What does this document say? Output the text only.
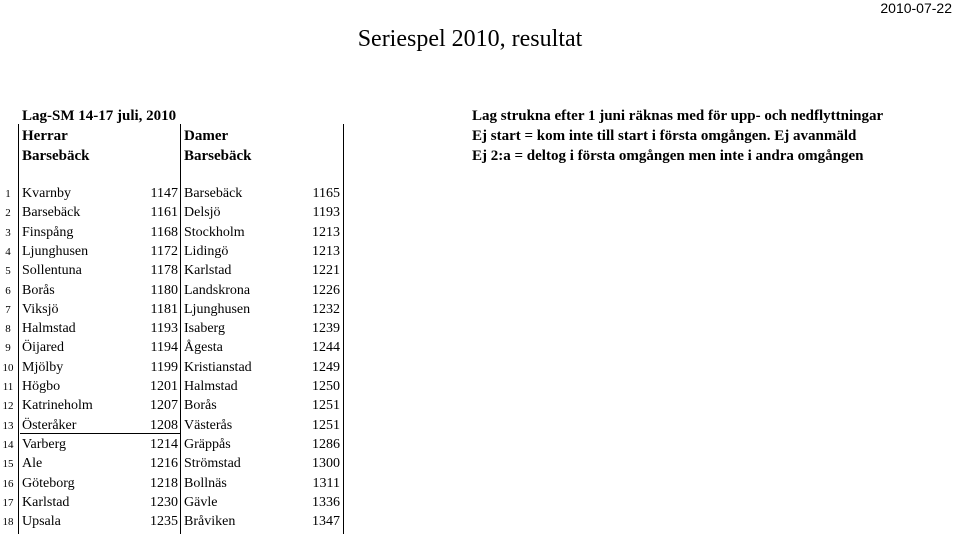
2010-07-22
Seriespel 2010, resultat
Lag-SM 14-17 juli, 2010
Herrar	Damer
Barsebäck	Barsebäck
Lag strukna efter 1 juni räknas med för upp- och nedflyttningar
Ej start = kom inte till start i första omgången. Ej avanmäld
Ej 2:a = deltog i första omgången men inte i andra omgången
1 Kvarnby	1147 Barsebäck	1165
2 Barsebäck	1161 Delsjö	1193
3 Finspång	1168 Stockholm	1213
4 Ljunghusen	1172 Lidingö	1213
5 Sollentuna	1178 Karlstad	1221
6 Borås	1180 Landskrona	1226
7 Viksjö	1181 Ljunghusen	1232
8 Halmstad	1193 Isaberg	1239
9 Öijared	1194 Ågesta	1244
10 Mjölby	1199 Kristianstad	1249
11 Högbo	1201 Halmstad	1250
12 Katrineholm	1207 Borås	1251
13 Österåker	1208 Västerås	1251
14 Varberg	1214 Gräppås	1286
15 Ale	1216 Strömstad	1300
16 Göteborg	1218 Bollnäs	1311
17 Karlstad	1230 Gävle	1336
18 Upsala	1235 Bråviken	1347
